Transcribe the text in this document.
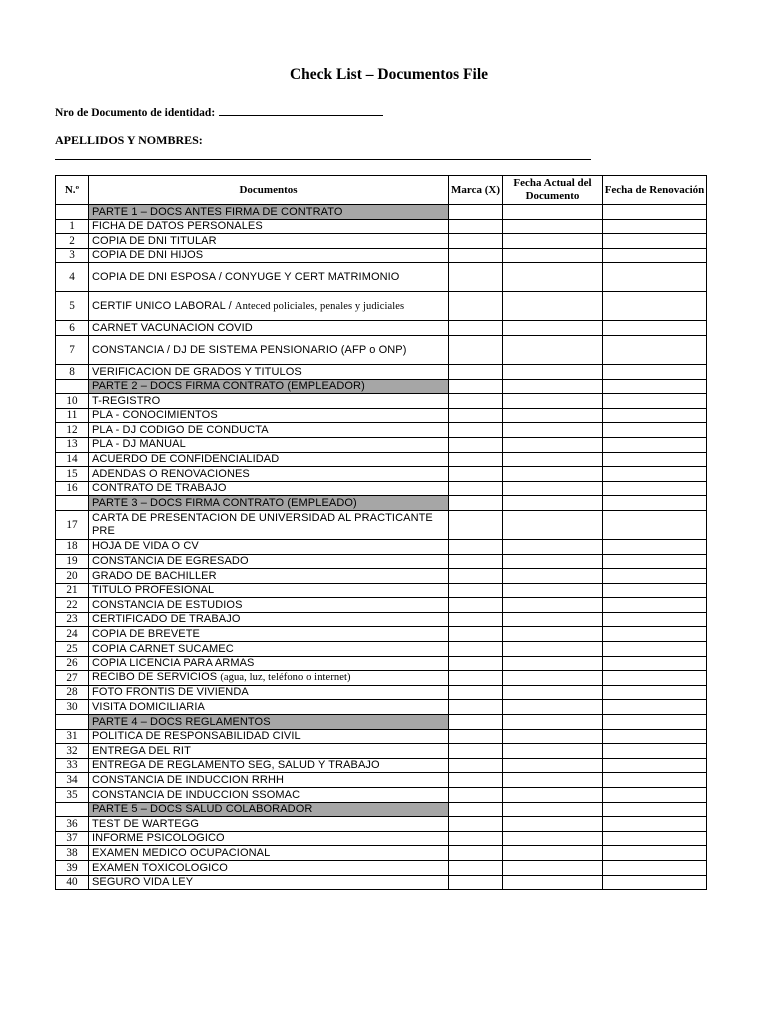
Check List – Documentos File
Nro de Documento de identidad:
APELLIDOS Y NOMBRES:
N.º	Documentos	Marca (X)	Fecha Actual del Documento	Fecha de Renovación
	PARTE 1 – DOCS ANTES FIRMA DE CONTRATO			
1	FICHA DE DATOS PERSONALES			
2	COPIA DE DNI TITULAR			
3	COPIA DE DNI HIJOS			
4	COPIA DE DNI ESPOSA / CONYUGE Y CERT MATRIMONIO			
5	CERTIF UNICO LABORAL / Anteced policiales, penales y judiciales			
6	CARNET VACUNACION COVID			
7	CONSTANCIA / DJ DE SISTEMA PENSIONARIO (AFP o ONP)			
8	VERIFICACION DE GRADOS Y TITULOS			
	PARTE 2 – DOCS FIRMA CONTRATO (EMPLEADOR)			
10	T-REGISTRO			
11	PLA - CONOCIMIENTOS			
12	PLA - DJ CODIGO DE CONDUCTA			
13	PLA - DJ MANUAL			
14	ACUERDO DE CONFIDENCIALIDAD			
15	ADENDAS O RENOVACIONES			
16	CONTRATO DE TRABAJO			
	PARTE 3 – DOCS FIRMA CONTRATO (EMPLEADO)			
17	CARTA DE PRESENTACION DE UNIVERSIDAD AL PRACTICANTE PRE			
18	HOJA DE VIDA O CV			
19	CONSTANCIA DE EGRESADO			
20	GRADO DE BACHILLER			
21	TITULO PROFESIONAL			
22	CONSTANCIA DE ESTUDIOS			
23	CERTIFICADO DE TRABAJO			
24	COPIA DE BREVETE			
25	COPIA CARNET SUCAMEC			
26	COPIA LICENCIA PARA ARMAS			
27	RECIBO DE SERVICIOS (agua, luz, teléfono o internet)			
28	FOTO FRONTIS DE VIVIENDA			
30	VISITA DOMICILIARIA			
	PARTE 4 – DOCS REGLAMENTOS			
31	POLITICA DE RESPONSABILIDAD CIVIL			
32	ENTREGA DEL RIT			
33	ENTREGA DE REGLAMENTO SEG, SALUD Y TRABAJO			
34	CONSTANCIA DE INDUCCION RRHH			
35	CONSTANCIA DE INDUCCION SSOMAC			
	PARTE 5 – DOCS SALUD COLABORADOR			
36	TEST DE WARTEGG			
37	INFORME PSICOLOGICO			
38	EXAMEN MEDICO OCUPACIONAL			
39	EXAMEN TOXICOLOGICO			
40	SEGURO VIDA LEY			
